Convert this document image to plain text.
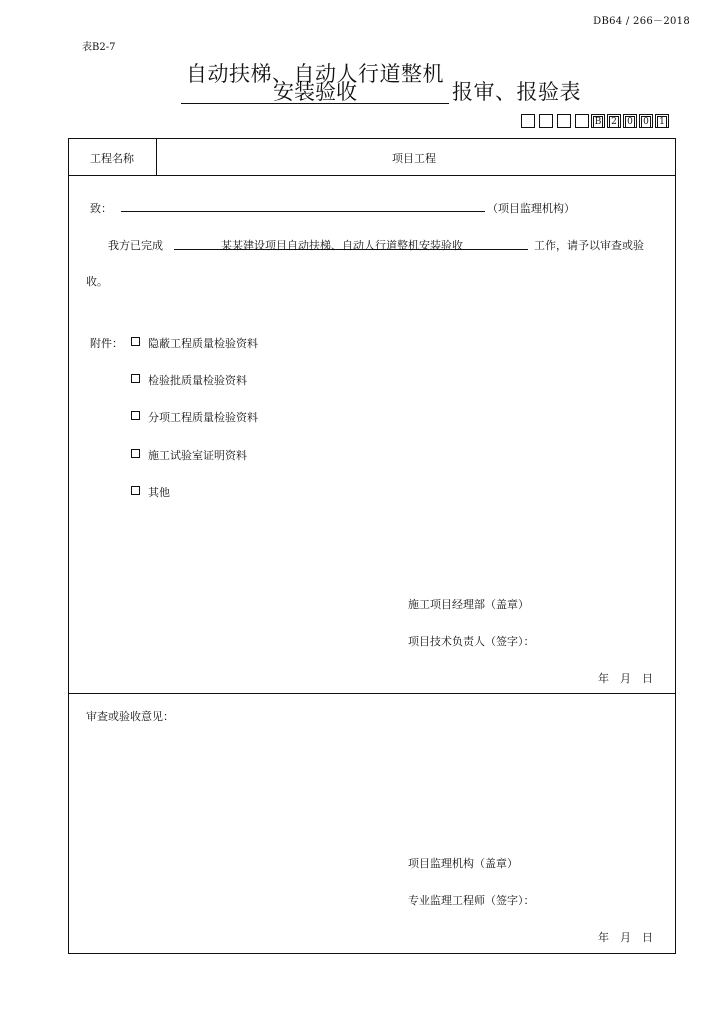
DB64 / 266－2018
表B2-7
自动扶梯、自动人行道整机
安装验收	报审、报验表
B	2	0	0	1
工程名称	项目工程
致：	（项目监理机构）
我方已完成	某某建设项目自动扶梯、自动人行道整机安装验收	工作，请予以审查或验
收。
附件： 隐蔽工程质量检验资料
检验批质量检验资料
分项工程质量检验资料
施工试验室证明资料
其他
施工项目经理部（盖章）
项目技术负责人（签字）：
年　月　日
审查或验收意见：
项目监理机构（盖章）
专业监理工程师（签字）：
年　月　日
